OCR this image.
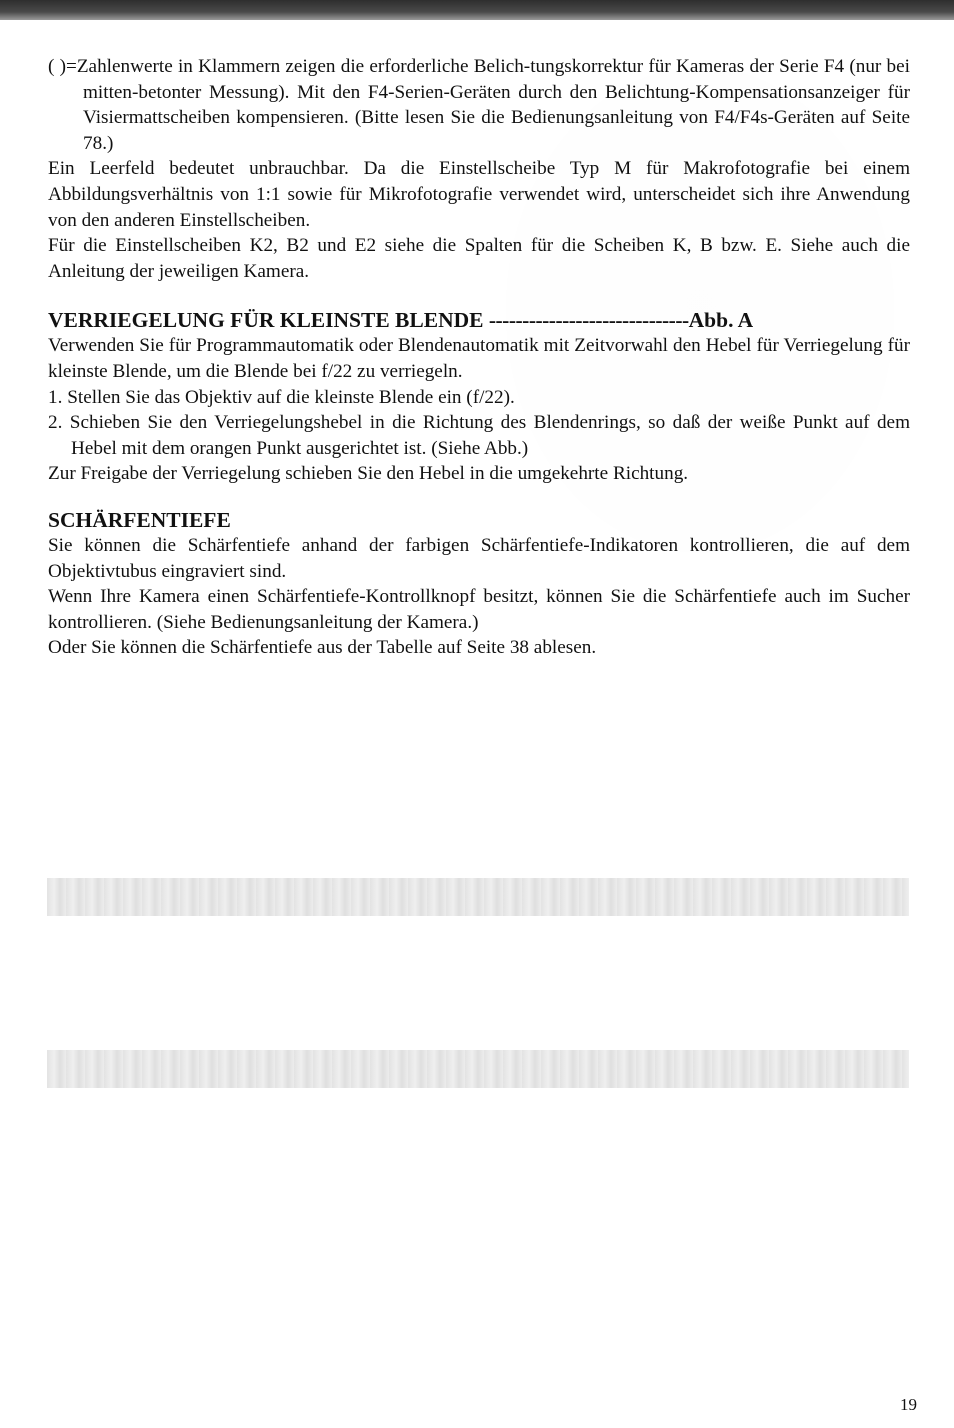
( )=Zahlenwerte in Klammern zeigen die erforderliche Belich-tungskorrektur für Kameras der Serie F4 (nur bei mitten-betonter Messung). Mit den F4-Serien-Geräten durch den Belichtung-Kompensationsanzeiger für Visiermattscheiben kompensieren. (Bitte lesen Sie die Bedienungsanleitung von F4/F4s-Geräten auf Seite 78.)

Ein Leerfeld bedeutet unbrauchbar. Da die Einstellscheibe Typ M für Makrofotografie bei einem Abbildungsverhältnis von 1:1 sowie für Mikrofotografie verwendet wird, unterscheidet sich ihre Anwendung von den anderen Einstellscheiben.

Für die Einstellscheiben K2, B2 und E2 siehe die Spalten für die Scheiben K, B bzw. E. Siehe auch die Anleitung der jeweiligen Kamera.

VERRIEGELUNG FÜR KLEINSTE BLENDE ------------------------------Abb. A

Verwenden Sie für Programmautomatik oder Blendenautomatik mit Zeitvorwahl den Hebel für Verriegelung für kleinste Blende, um die Blende bei f/22 zu verriegeln.

1. Stellen Sie das Objektiv auf die kleinste Blende ein (f/22).

2. Schieben Sie den Verriegelungshebel in die Richtung des Blendenrings, so daß der weiße Punkt auf dem Hebel mit dem orangen Punkt ausgerichtet ist. (Siehe Abb.)

Zur Freigabe der Verriegelung schieben Sie den Hebel in die umgekehrte Richtung.

SCHÄRFENTIEFE

Sie können die Schärfentiefe anhand der farbigen Schärfentiefe-Indikatoren kontrollieren, die auf dem Objektivtubus eingraviert sind.

Wenn Ihre Kamera einen Schärfentiefe-Kontrollknopf besitzt, können Sie die Schärfentiefe auch im Sucher kontrollieren. (Siehe Bedienungsanleitung der Kamera.)

Oder Sie können die Schärfentiefe aus der Tabelle auf Seite 38 ablesen.

19
